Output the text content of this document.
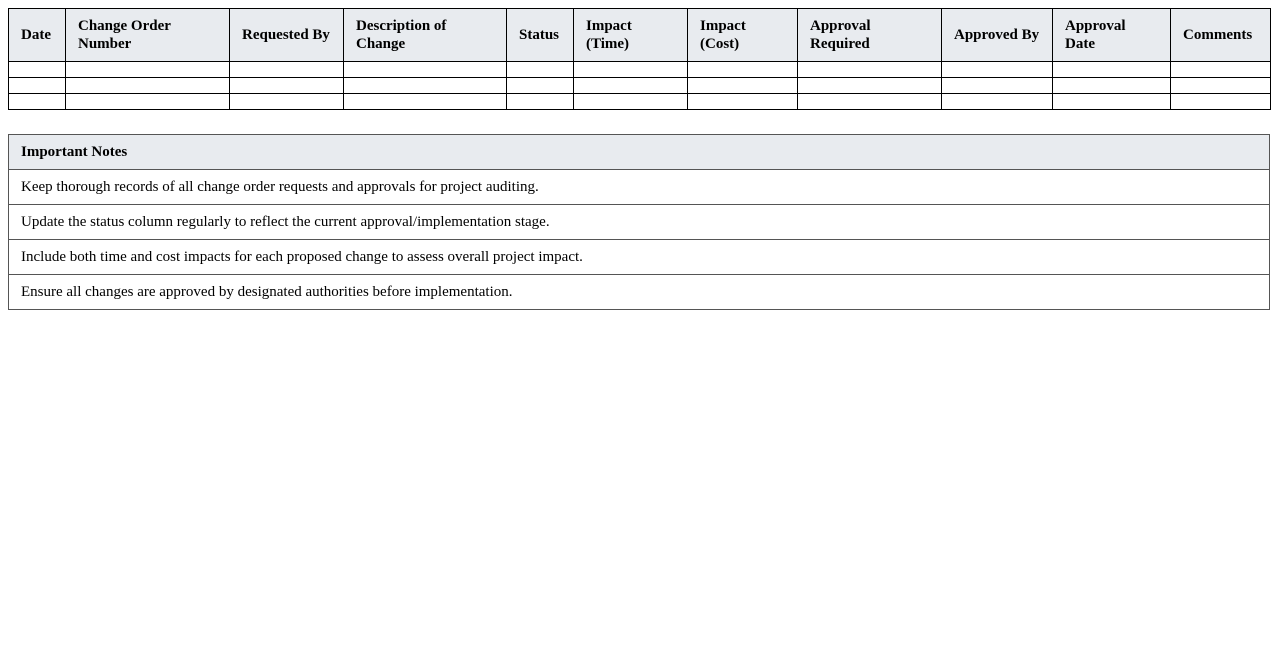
Date	Change Order Number	Requested By	Description of Change	Status	Impact (Time)	Impact (Cost)	Approval Required	Approved By	Approval Date	Comments

Important Notes
Keep thorough records of all change order requests and approvals for project auditing.
Update the status column regularly to reflect the current approval/implementation stage.
Include both time and cost impacts for each proposed change to assess overall project impact.
Ensure all changes are approved by designated authorities before implementation.
